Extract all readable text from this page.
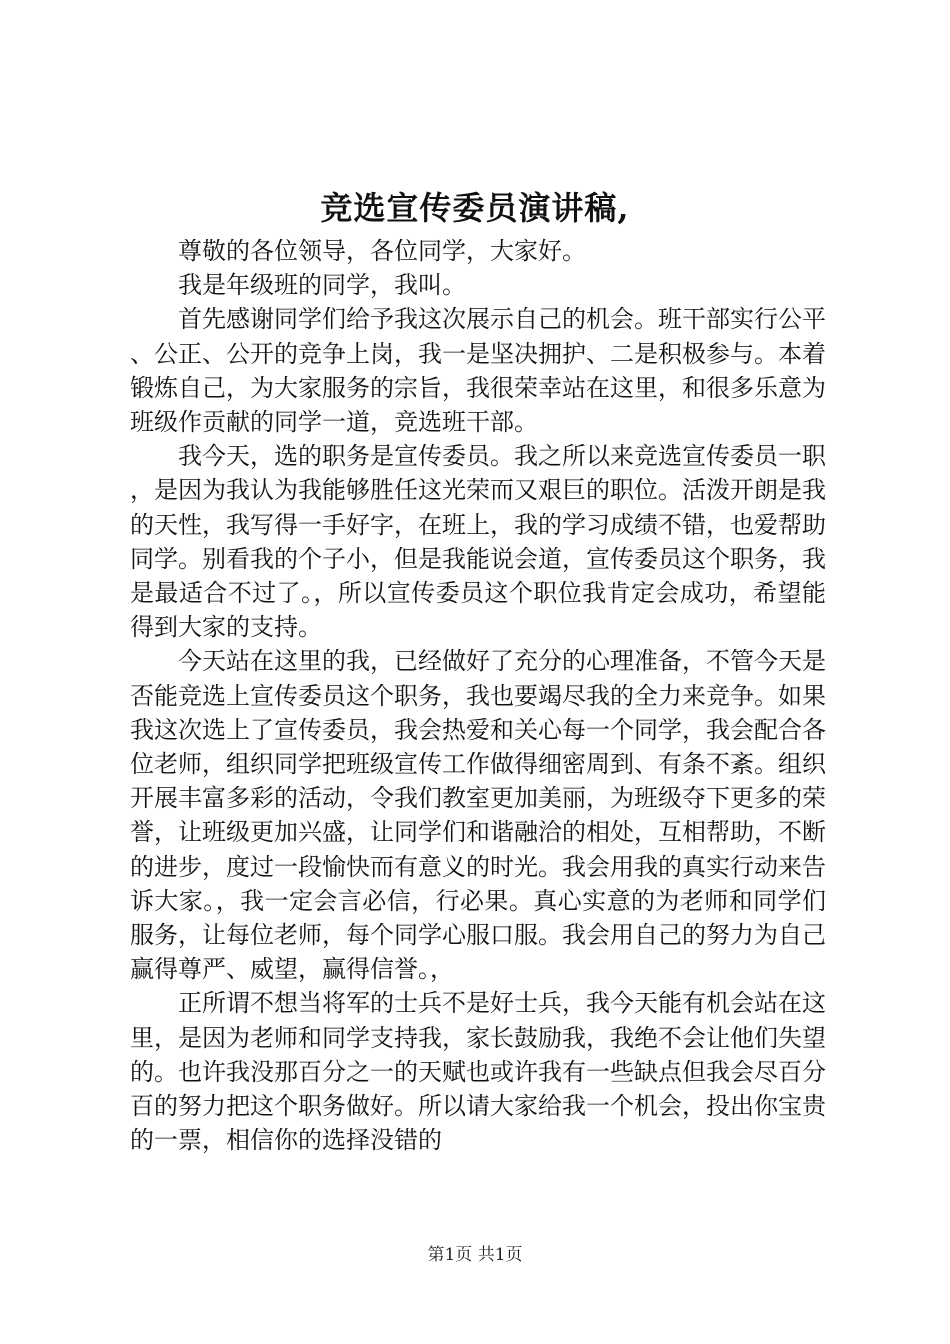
竞选宣传委员演讲稿,

尊敬的各位领导，各位同学，大家好。

我是年级班的同学，我叫。

首先感谢同学们给予我这次展示自己的机会。班干部实行公平、公正、公开的竞争上岗，我一是坚决拥护、二是积极参与。本着锻炼自己，为大家服务的宗旨，我很荣幸站在这里，和很多乐意为班级作贡献的同学一道，竞选班干部。

我今天，选的职务是宣传委员。我之所以来竞选宣传委员一职，是因为我认为我能够胜任这光荣而又艰巨的职位。活泼开朗是我的天性，我写得一手好字，在班上，我的学习成绩不错，也爱帮助同学。别看我的个子小，但是我能说会道，宣传委员这个职务，我是最适合不过了。，所以宣传委员这个职位我肯定会成功，希望能得到大家的支持。

今天站在这里的我，已经做好了充分的心理准备，不管今天是否能竞选上宣传委员这个职务，我也要竭尽我的全力来竞争。如果我这次选上了宣传委员，我会热爱和关心每一个同学，我会配合各位老师，组织同学把班级宣传工作做得细密周到、有条不紊。组织开展丰富多彩的活动，令我们教室更加美丽，为班级夺下更多的荣誉，让班级更加兴盛，让同学们和谐融洽的相处，互相帮助，不断的进步，度过一段愉快而有意义的时光。我会用我的真实行动来告诉大家。，我一定会言必信，行必果。真心实意的为老师和同学们服务，让每位老师，每个同学心服口服。我会用自己的努力为自己赢得尊严、威望，赢得信誉。，

正所谓不想当将军的士兵不是好士兵，我今天能有机会站在这里，是因为老师和同学支持我，家长鼓励我，我绝不会让他们失望的。也许我没那百分之一的天赋也或许我有一些缺点但我会尽百分百的努力把这个职务做好。所以请大家给我一个机会，投出你宝贵的一票，相信你的选择没错的

第1页 共1页
